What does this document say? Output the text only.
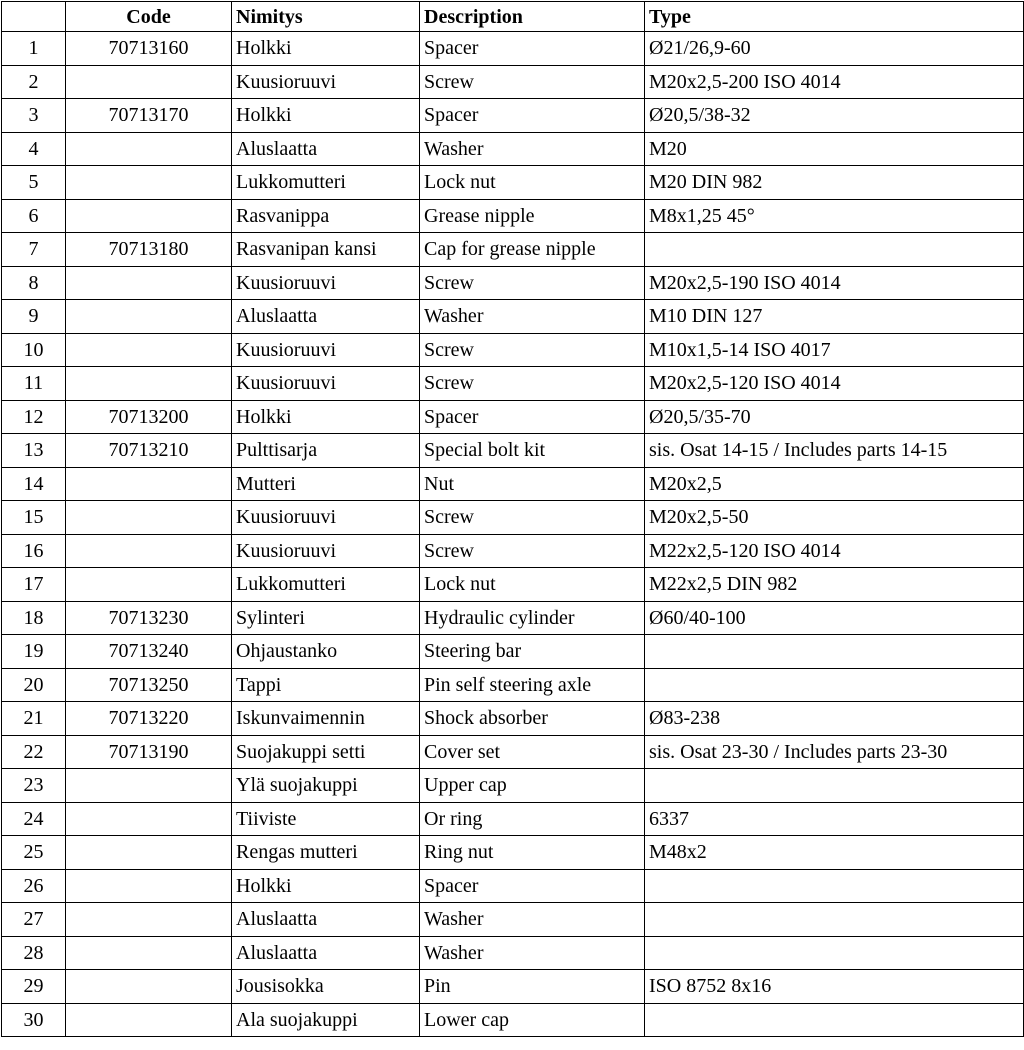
	Code	Nimitys	Description	Type
1	70713160	Holkki	Spacer	Ø21/26,9-60
2		Kuusioruuvi	Screw	M20x2,5-200 ISO 4014
3	70713170	Holkki	Spacer	Ø20,5/38-32
4		Aluslaatta	Washer	M20
5		Lukkomutteri	Lock nut	M20 DIN 982
6		Rasvanippa	Grease nipple	M8x1,25 45°
7	70713180	Rasvanipan kansi	Cap for grease nipple	
8		Kuusioruuvi	Screw	M20x2,5-190 ISO 4014
9		Aluslaatta	Washer	M10 DIN 127
10		Kuusioruuvi	Screw	M10x1,5-14 ISO 4017
11		Kuusioruuvi	Screw	M20x2,5-120 ISO 4014
12	70713200	Holkki	Spacer	Ø20,5/35-70
13	70713210	Pulttisarja	Special bolt kit	sis. Osat 14-15 / Includes parts 14-15
14		Mutteri	Nut	M20x2,5
15		Kuusioruuvi	Screw	M20x2,5-50
16		Kuusioruuvi	Screw	M22x2,5-120 ISO 4014
17		Lukkomutteri	Lock nut	M22x2,5 DIN 982
18	70713230	Sylinteri	Hydraulic cylinder	Ø60/40-100
19	70713240	Ohjaustanko	Steering bar	
20	70713250	Tappi	Pin self steering axle	
21	70713220	Iskunvaimennin	Shock absorber	Ø83-238
22	70713190	Suojakuppi setti	Cover set	sis. Osat 23-30 / Includes parts 23-30
23		Ylä suojakuppi	Upper cap	
24		Tiiviste	Or ring	6337
25		Rengas mutteri	Ring nut	M48x2
26		Holkki	Spacer	
27		Aluslaatta	Washer	
28		Aluslaatta	Washer	
29		Jousisokka	Pin	ISO 8752 8x16
30		Ala suojakuppi	Lower cap	
